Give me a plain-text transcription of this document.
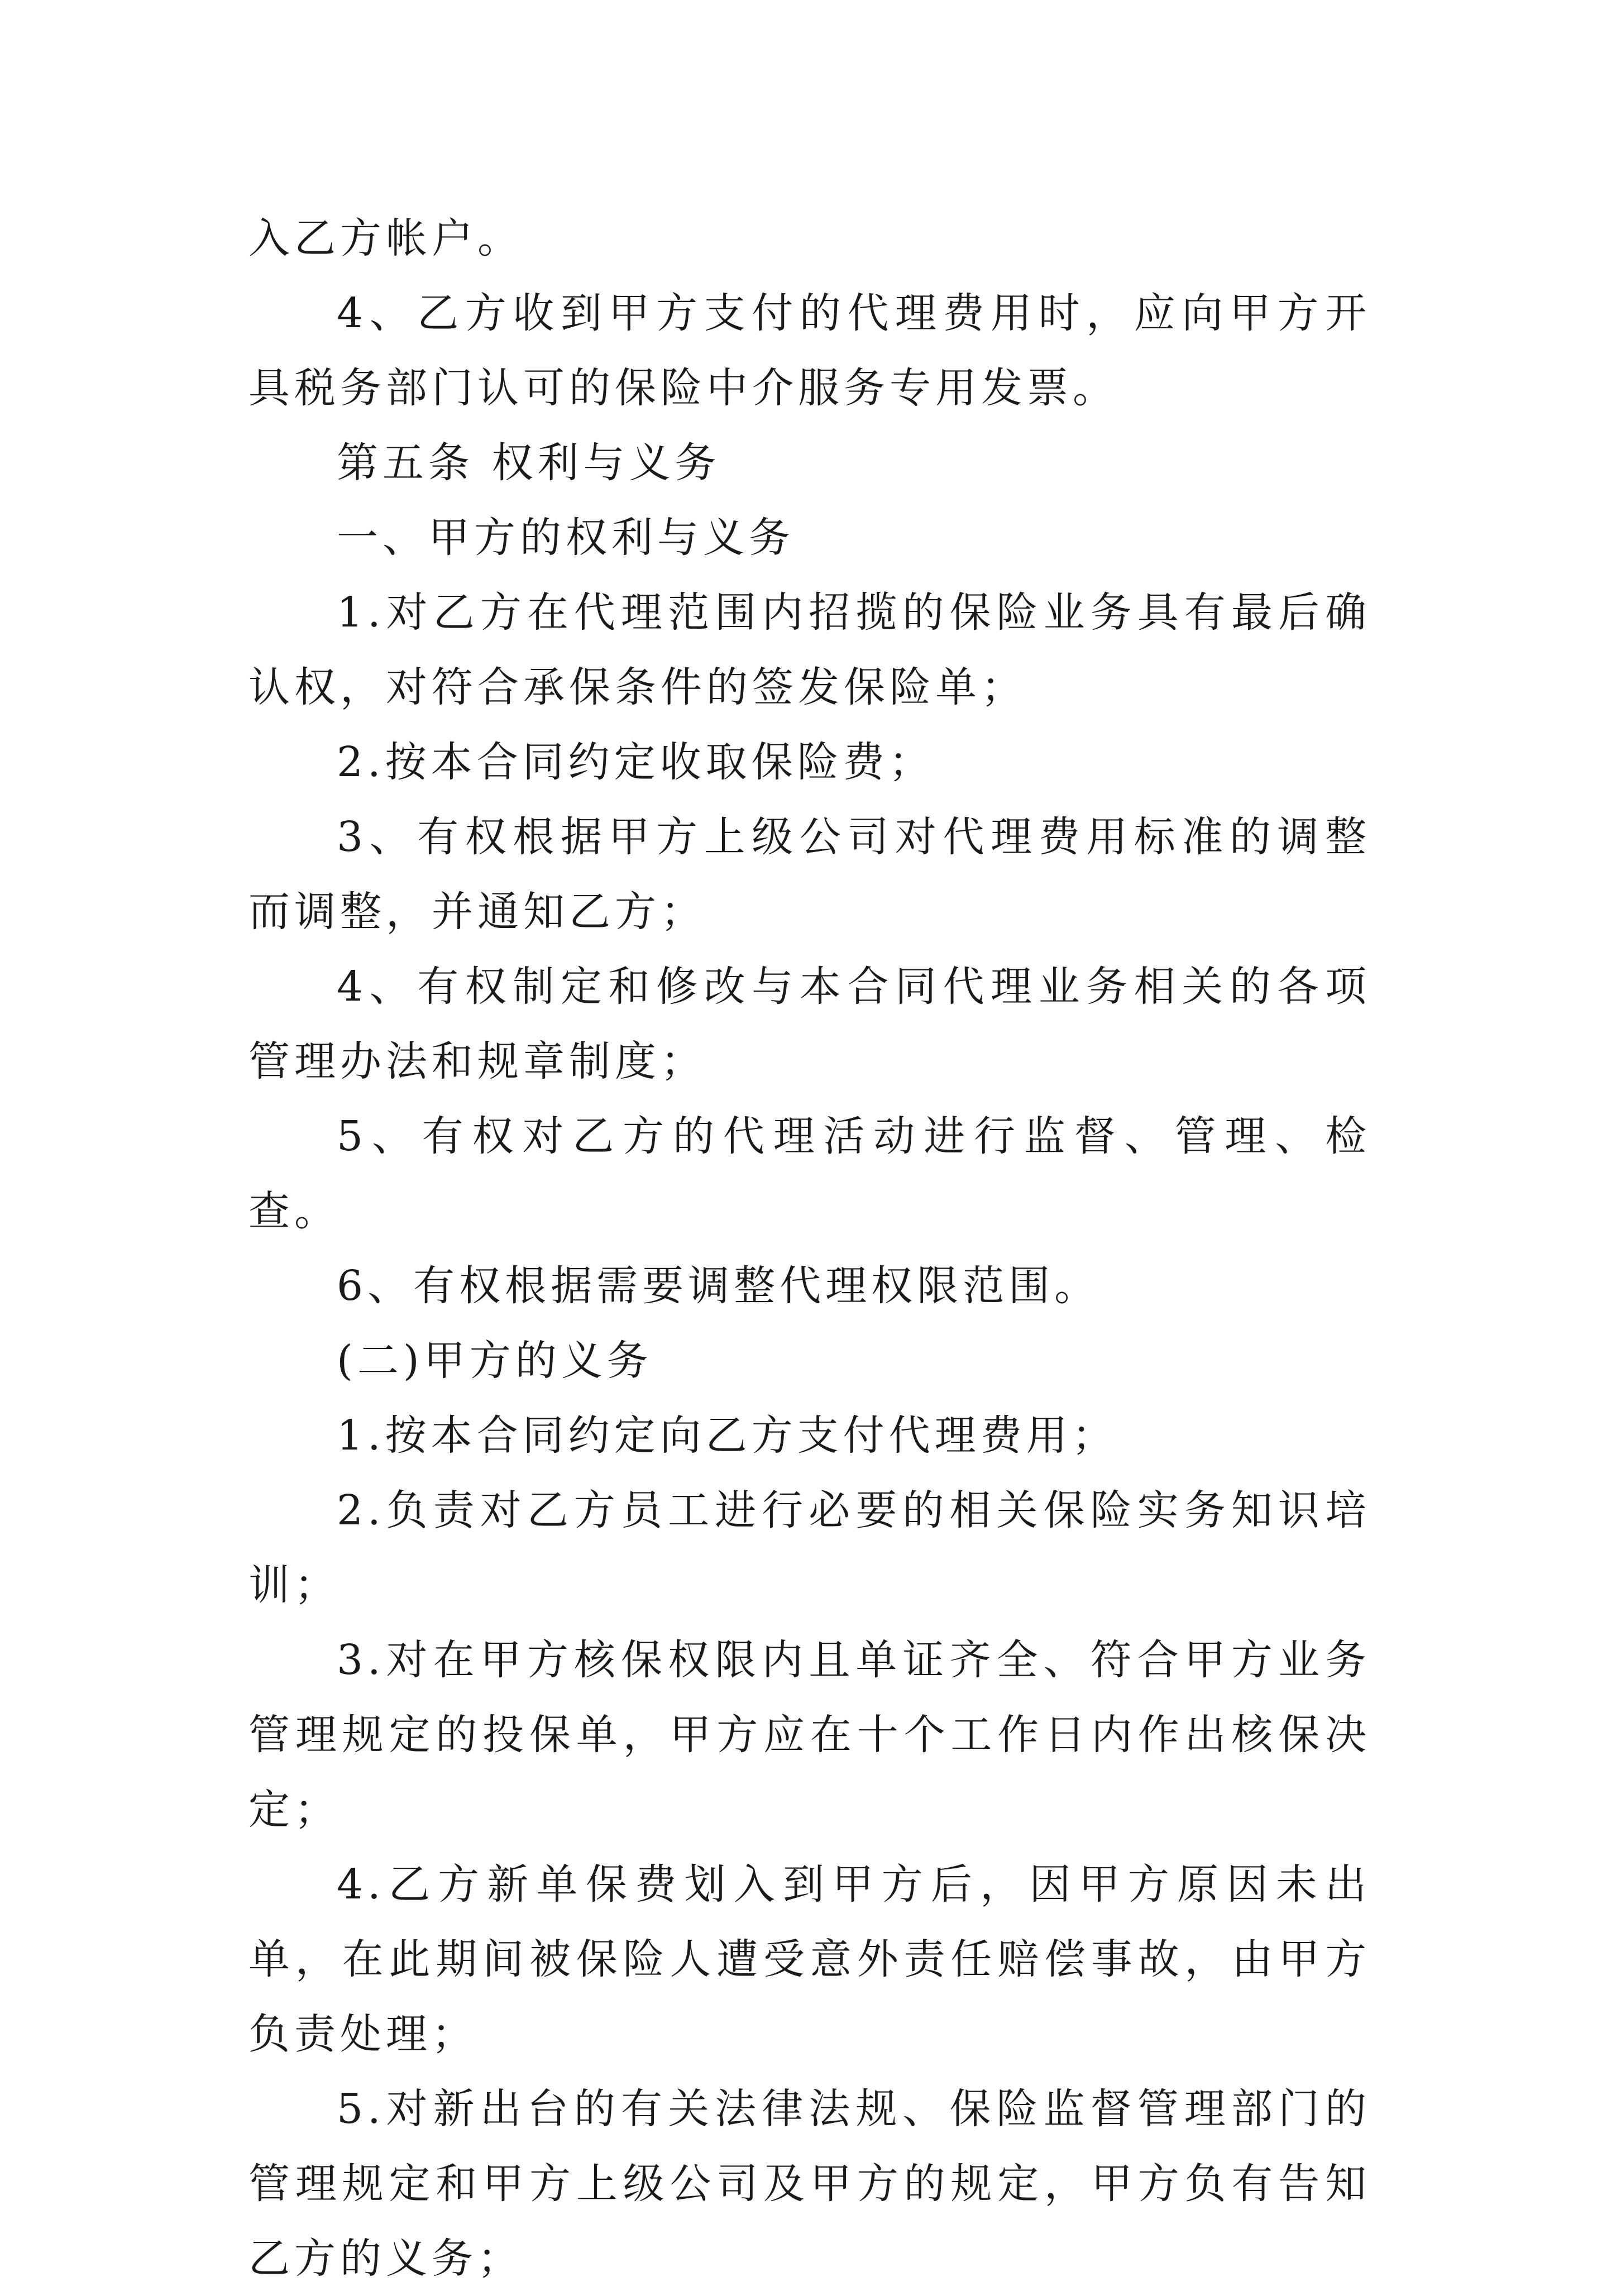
入乙方帐户。

4、乙方收到甲方支付的代理费用时，应向甲方开具税务部门认可的保险中介服务专用发票。

第五条 权利与义务

一、甲方的权利与义务

1.对乙方在代理范围内招揽的保险业务具有最后确认权，对符合承保条件的签发保险单；

2.按本合同约定收取保险费；

3、有权根据甲方上级公司对代理费用标准的调整而调整，并通知乙方；

4、有权制定和修改与本合同代理业务相关的各项管理办法和规章制度；

5、有权对乙方的代理活动进行监督、管理、检查。

6、有权根据需要调整代理权限范围。

(二)甲方的义务

1.按本合同约定向乙方支付代理费用；

2.负责对乙方员工进行必要的相关保险实务知识培训；

3.对在甲方核保权限内且单证齐全、符合甲方业务管理规定的投保单，甲方应在十个工作日内作出核保决定；

4.乙方新单保费划入到甲方后，因甲方原因未出单，在此期间被保险人遭受意外责任赔偿事故，由甲方负责处理；

5.对新出台的有关法律法规、保险监督管理部门的管理规定和甲方上级公司及甲方的规定，甲方负有告知乙方的义务；
